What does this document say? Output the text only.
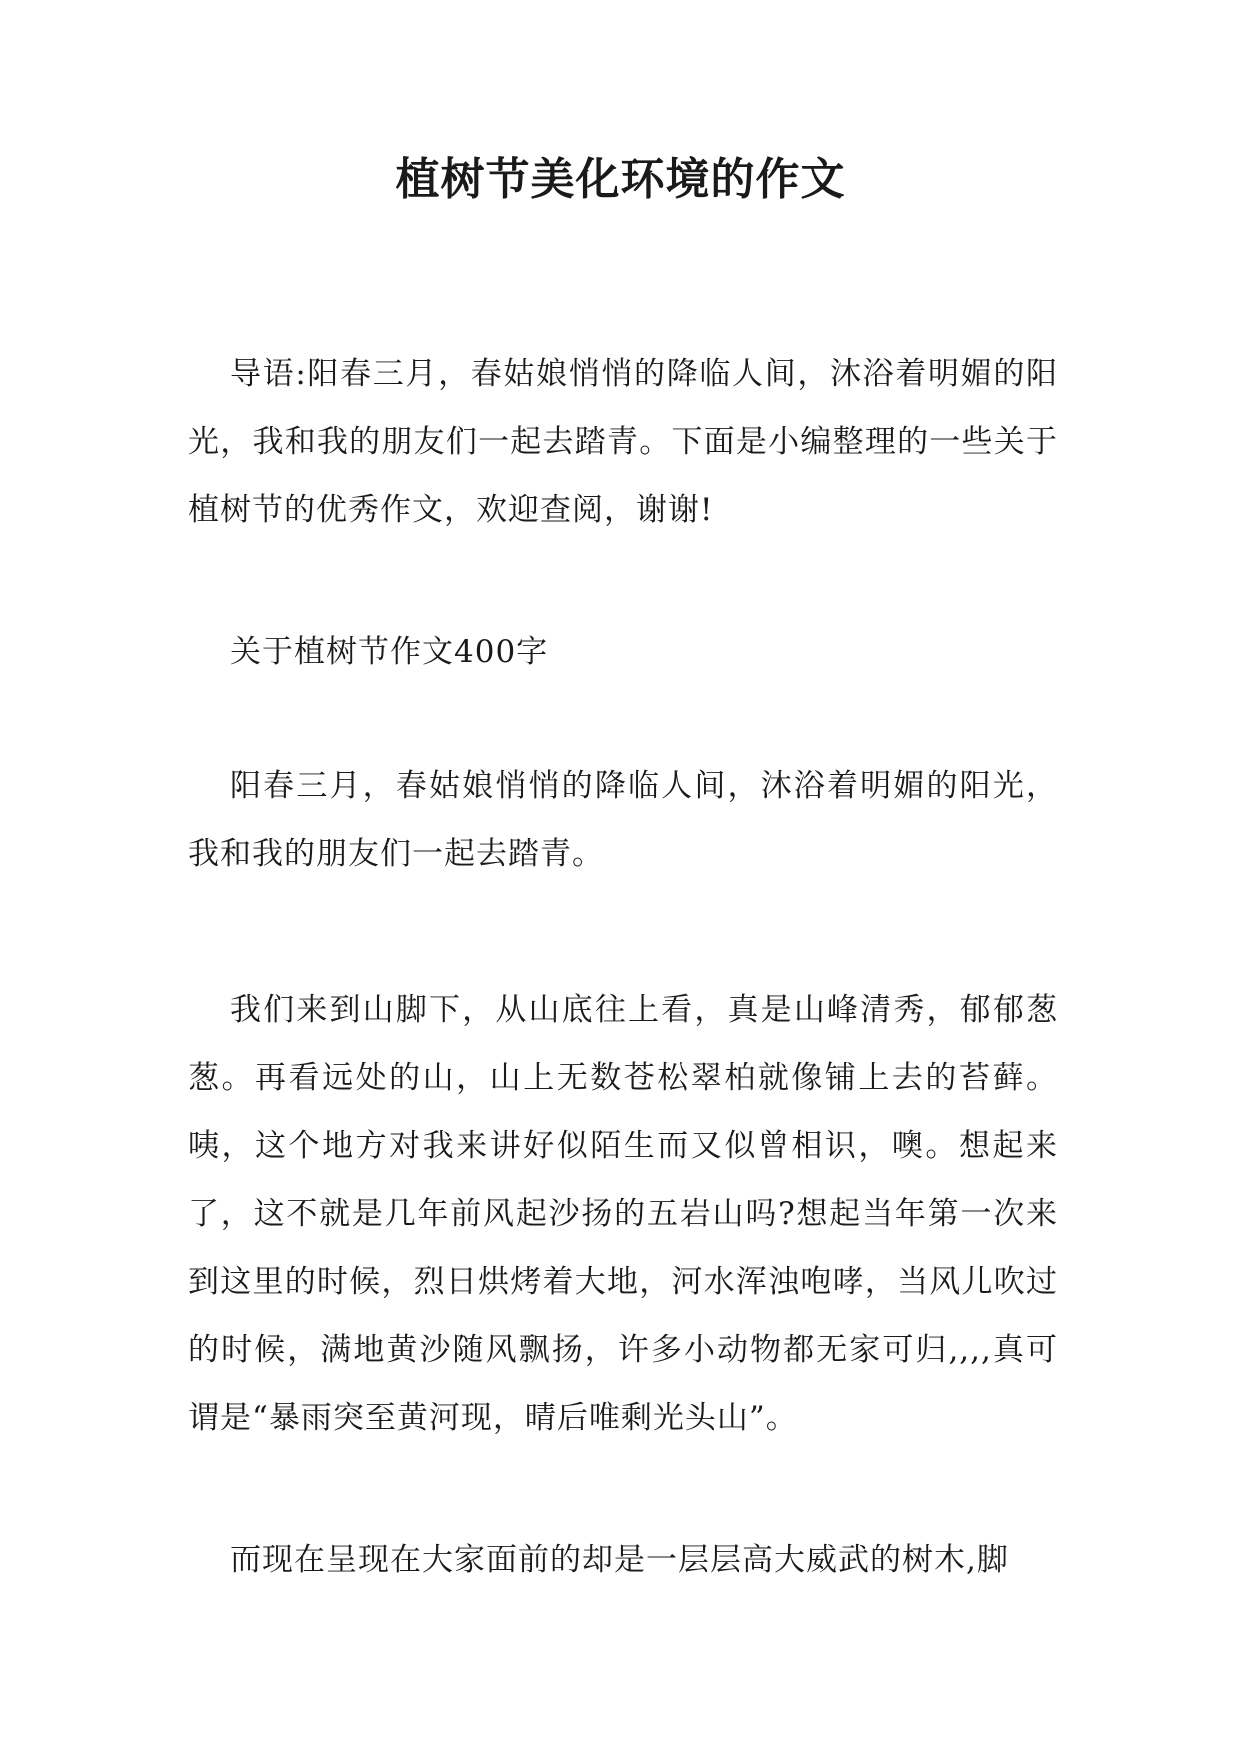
植树节美化环境的作文
导语:阳春三月，春姑娘悄悄的降临人间，沐浴着明媚的阳光，我和我的朋友们一起去踏青。下面是小编整理的一些关于植树节的优秀作文，欢迎查阅，谢谢!
关于植树节作文400字
阳春三月，春姑娘悄悄的降临人间，沐浴着明媚的阳光，我和我的朋友们一起去踏青。
我们来到山脚下，从山底往上看，真是山峰清秀，郁郁葱葱。再看远处的山，山上无数苍松翠柏就像铺上去的苔藓。咦，这个地方对我来讲好似陌生而又似曾相识，噢。想起来了，这不就是几年前风起沙扬的五岩山吗?想起当年第一次来到这里的时候，烈日烘烤着大地，河水浑浊咆哮，当风儿吹过的时候，满地黄沙随风飘扬，许多小动物都无家可归,,,,真可谓是“暴雨突至黄河现，晴后唯剩光头山”。
而现在呈现在大家面前的却是一层层高大威武的树木,脚
